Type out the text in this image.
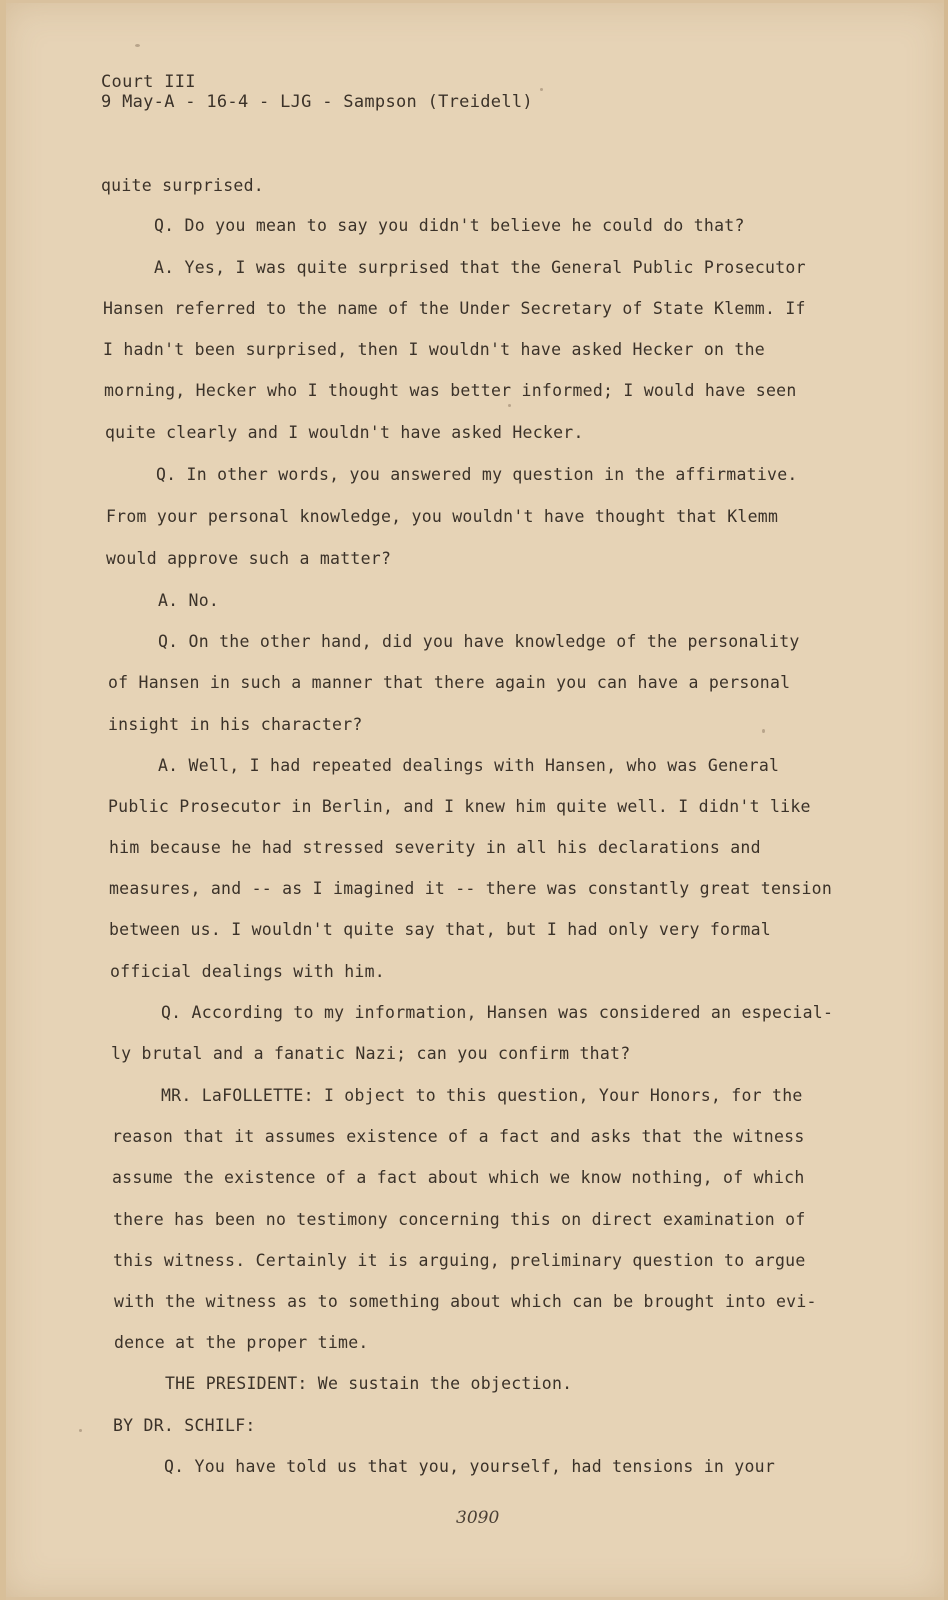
Court III
9 May-A - 16-4 - LJG - Sampson (Treidell)
quite surprised.
Q. Do you mean to say you didn't believe he could do that?
A. Yes, I was quite surprised that the General Public Prosecutor
Hansen referred to the name of the Under Secretary of State Klemm. If
I hadn't been surprised, then I wouldn't have asked Hecker on the
morning, Hecker who I thought was better informed; I would have seen
quite clearly and I wouldn't have asked Hecker.
Q. In other words, you answered my question in the affirmative.
From your personal knowledge, you wouldn't have thought that Klemm
would approve such a matter?
A. No.
Q. On the other hand, did you have knowledge of the personality
of Hansen in such a manner that there again you can have a personal
insight in his character?
A. Well, I had repeated dealings with Hansen, who was General
Public Prosecutor in Berlin, and I knew him quite well. I didn't like
him because he had stressed severity in all his declarations and
measures, and -- as I imagined it -- there was constantly great tension
between us. I wouldn't quite say that, but I had only very formal
official dealings with him.
Q. According to my information, Hansen was considered an especial-
ly brutal and a fanatic Nazi; can you confirm that?
MR. LaFOLLETTE: I object to this question, Your Honors, for the
reason that it assumes existence of a fact and asks that the witness
assume the existence of a fact about which we know nothing, of which
there has been no testimony concerning this on direct examination of
this witness. Certainly it is arguing, preliminary question to argue
with the witness as to something about which can be brought into evi-
dence at the proper time.
THE PRESIDENT: We sustain the objection.
BY DR. SCHILF:
Q. You have told us that you, yourself, had tensions in your
3090
